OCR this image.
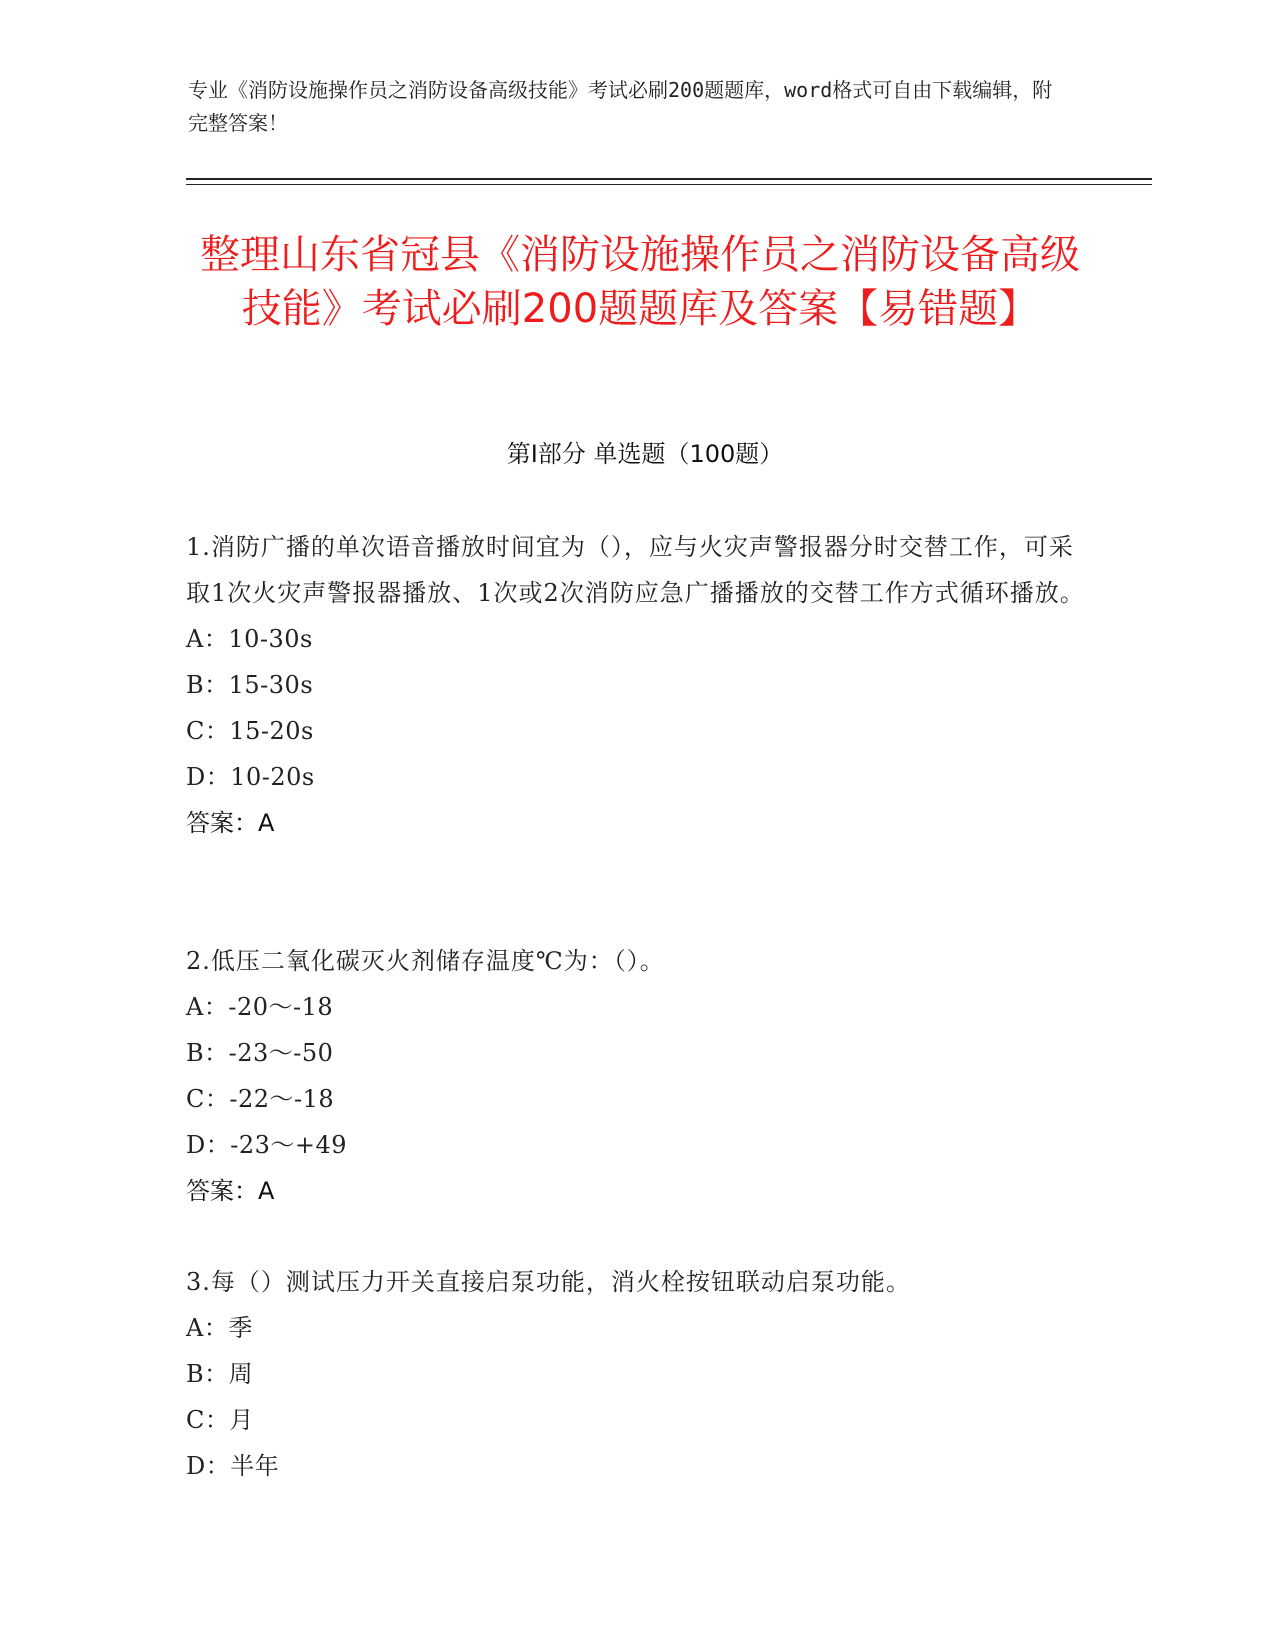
专业《消防设施操作员之消防设备高级技能》考试必刷200题题库，word格式可自由下载编辑，附完整答案！
整理山东省冠县《消防设施操作员之消防设备高级技能》考试必刷200题题库及答案【易错题】
第I部分 单选题（100题）
1.消防广播的单次语音播放时间宜为（），应与火灾声警报器分时交替工作，可采取1次火灾声警报器播放、1次或2次消防应急广播播放的交替工作方式循环播放。
A：10-30s
B：15-30s
C：15-20s
D：10-20s
答案：A
2.低压二氧化碳灭火剂储存温度℃为：（）。
A：-20～-18
B：-23～-50
C：-22～-18
D：-23～+49
答案：A
3.每（）测试压力开关直接启泵功能，消火栓按钮联动启泵功能。
A：季
B：周
C：月
D：半年
